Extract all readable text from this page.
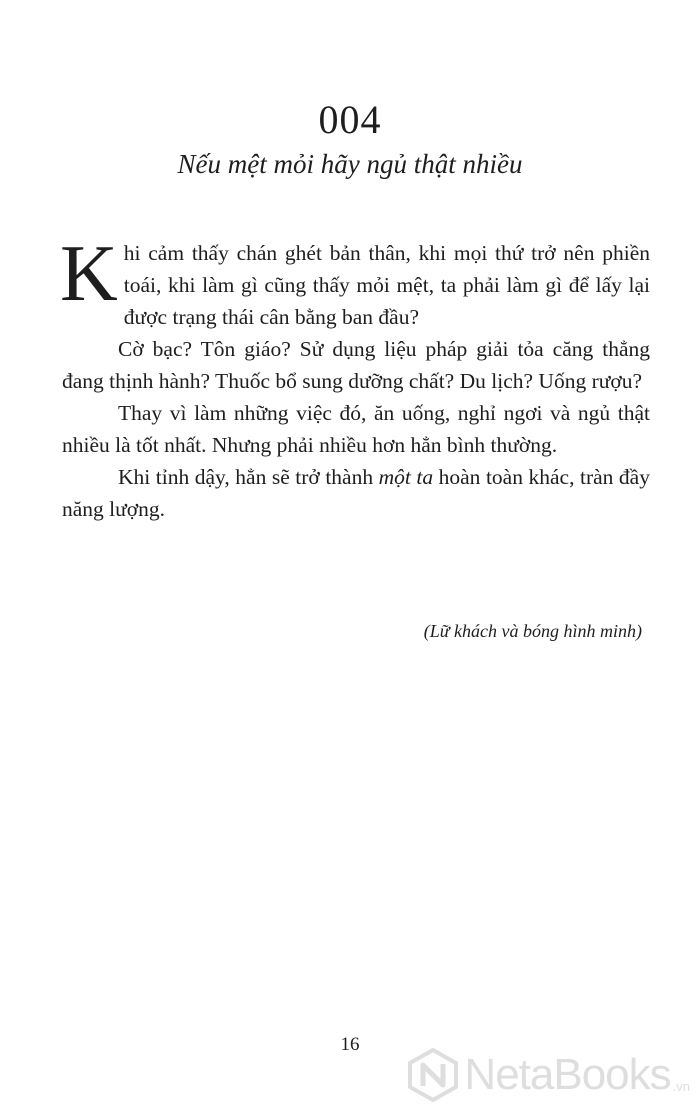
004
Nếu mệt mỏi hãy ngủ thật nhiều

Khi cảm thấy chán ghét bản thân, khi mọi thứ trở nên phiền toái, khi làm gì cũng thấy mỏi mệt, ta phải làm gì để lấy lại được trạng thái cân bằng ban đầu?

Cờ bạc? Tôn giáo? Sử dụng liệu pháp giải tỏa căng thẳng đang thịnh hành? Thuốc bổ sung dưỡng chất? Du lịch? Uống rượu?

Thay vì làm những việc đó, ăn uống, nghỉ ngơi và ngủ thật nhiều là tốt nhất. Nhưng phải nhiều hơn hẳn bình thường.

Khi tỉnh dậy, hẳn sẽ trở thành một ta hoàn toàn khác, tràn đầy năng lượng.

(Lữ khách và bóng hình minh)
16
NetaBooks .vn
